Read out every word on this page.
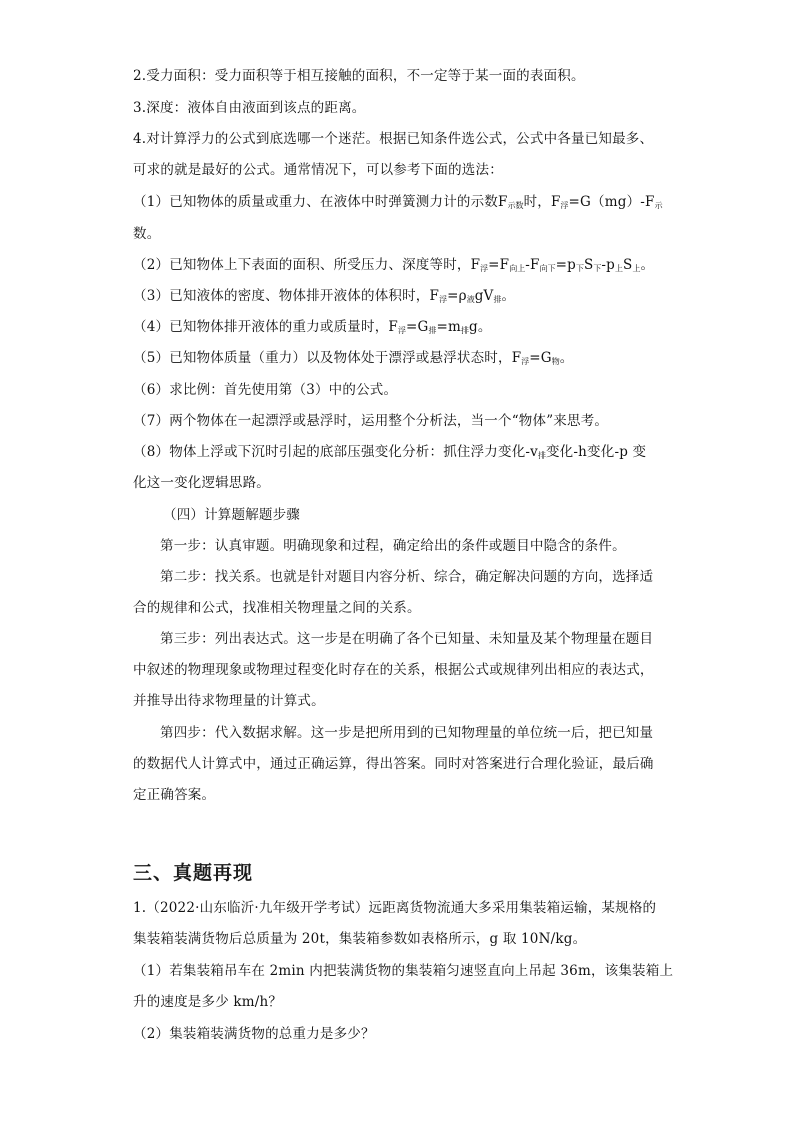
2.受力面积：受力面积等于相互接触的面积，不一定等于某一面的表面积。
3.深度：液体自由液面到该点的距离。
4.对计算浮力的公式到底选哪一个迷茫。根据已知条件选公式，公式中各量已知最多、
可求的就是最好的公式。通常情况下，可以参考下面的选法：
（1）已知物体的质量或重力、在液体中时弹簧测力计的示数$F_{示数}$时，$F_浮=G(mg)-F_示$
数。
（2）已知物体上下表面的面积、所受压力、深度等时，$F_浮=F_{向上}-F_{向下}=p_下S_下-p_上S_上$。
（3）已知液体的密度、物体排开液体的体积时，$F_浮=\rho_液gV_排$。
（4）已知物体排开液体的重力或质量时，$F_浮=G_排=m_排g$。
（5）已知物体质量（重力）以及物体处于漂浮或悬浮状态时，$F_浮=G_物$。
（6）求比例：首先使用第（3）中的公式。
（7）两个物体在一起漂浮或悬浮时，运用整个分析法，当一个“物体”来思考。
（8）物体上浮或下沉时引起的底部压强变化分析：抓住浮力变化$-v_排$变化-h变化-p 变
化这一变化逻辑思路。
（四）计算题解题步骤
第一步：认真审题。明确现象和过程，确定给出的条件或题目中隐含的条件。
第二步：找关系。也就是针对题目内容分析、综合，确定解决问题的方向，选择适
合的规律和公式，找准相关物理量之间的关系。
第三步：列出表达式。这一步是在明确了各个已知量、未知量及某个物理量在题目
中叙述的物理现象或物理过程变化时存在的关系，根据公式或规律列出相应的表达式，
并推导出待求物理量的计算式。
第四步：代入数据求解。这一步是把所用到的已知物理量的单位统一后，把已知量
的数据代人计算式中，通过正确运算，得出答案。同时对答案进行合理化验证，最后确
定正确答案。
三、真题再现
1.（2022·山东临沂·九年级开学考试）远距离货物流通大多采用集装箱运输，某规格的
集装箱装满货物后总质量为 20t，集装箱参数如表格所示，g 取 10N/kg。
（1）若集装箱吊车在 2min 内把装满货物的集装箱匀速竖直向上吊起 36m，该集装箱上
升的速度是多少 km/h？
（2）集装箱装满货物的总重力是多少？
